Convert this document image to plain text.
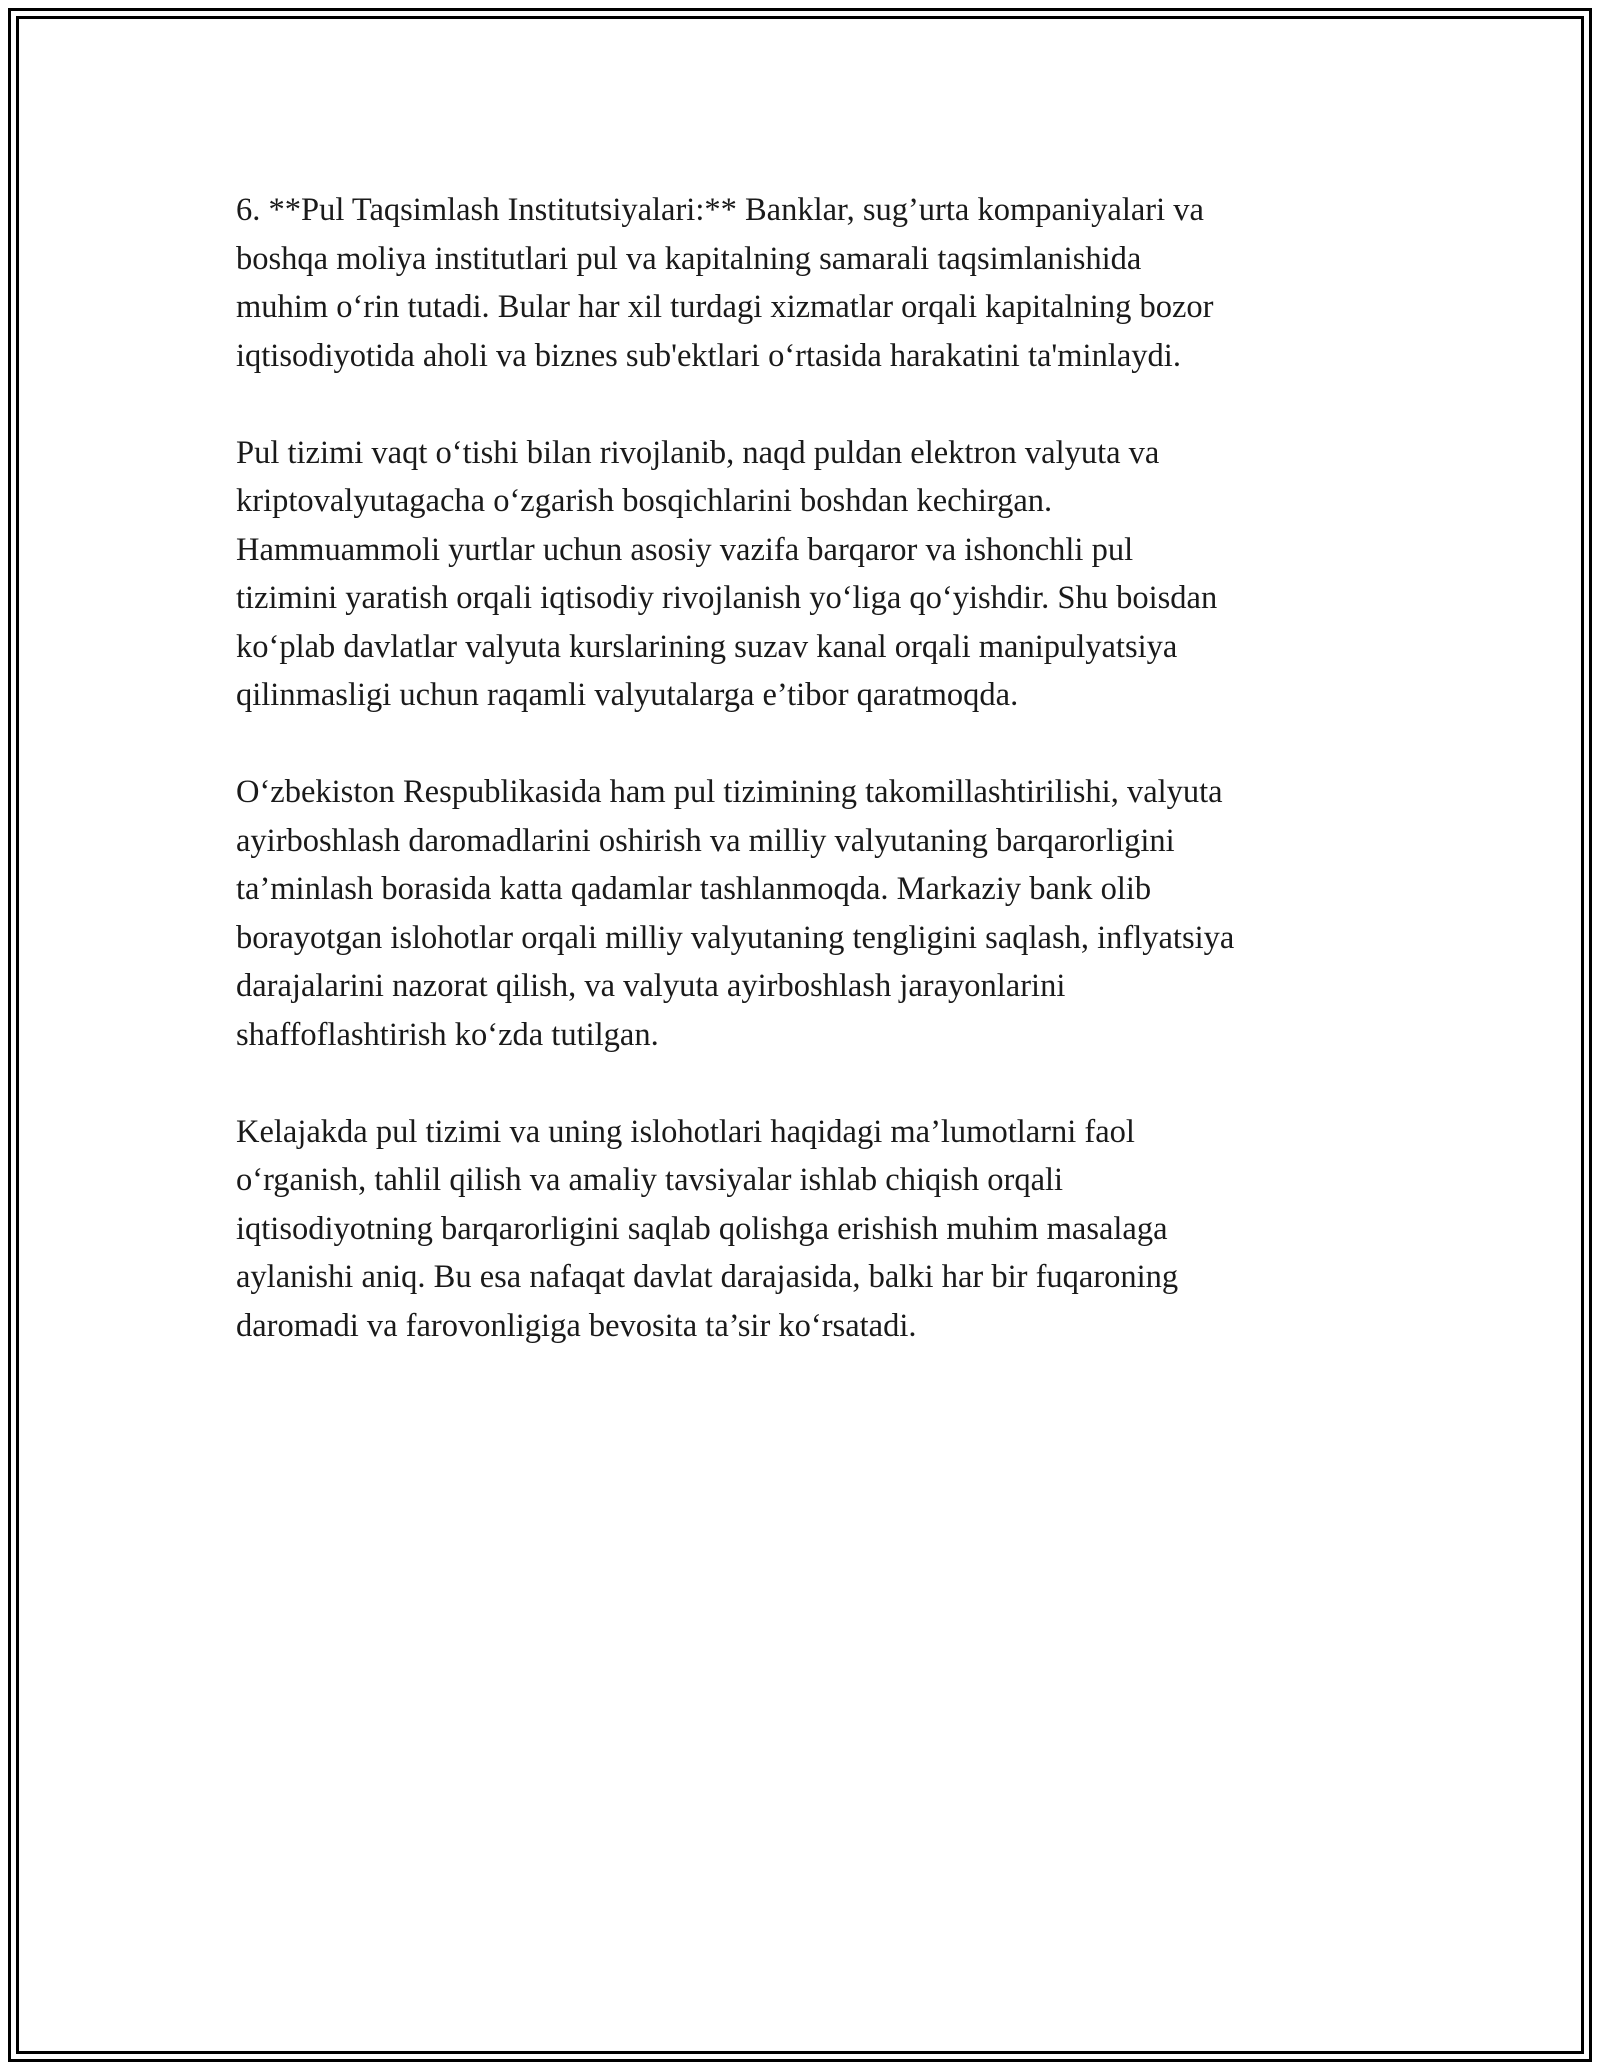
6. **Pul Taqsimlash Institutsiyalari:** Banklar, sug’urta kompaniyalari va
boshqa moliya institutlari pul va kapitalning samarali taqsimlanishida
muhim oʻrin tutadi. Bular har xil turdagi xizmatlar orqali kapitalning bozor
iqtisodiyotida aholi va biznes sub'ektlari oʻrtasida harakatini ta'minlaydi.

Pul tizimi vaqt oʻtishi bilan rivojlanib, naqd puldan elektron valyuta va
kriptovalyutagacha oʻzgarish bosqichlarini boshdan kechirgan.
Hammuammoli yurtlar uchun asosiy vazifa barqaror va ishonchli pul
tizimini yaratish orqali iqtisodiy rivojlanish yoʻliga qoʻyishdir. Shu boisdan
koʻplab davlatlar valyuta kurslarining suzav kanal orqali manipulyatsiya
qilinmasligi uchun raqamli valyutalarga e’tibor qaratmoqda.

Oʻzbekiston Respublikasida ham pul tizimining takomillashtirilishi, valyuta
ayirboshlash daromadlarini oshirish va milliy valyutaning barqarorligini
ta’minlash borasida katta qadamlar tashlanmoqda. Markaziy bank olib
borayotgan islohotlar orqali milliy valyutaning tengligini saqlash, inflyatsiya
darajalarini nazorat qilish, va valyuta ayirboshlash jarayonlarini
shaffoflashtirish koʻzda tutilgan.

Kelajakda pul tizimi va uning islohotlari haqidagi ma’lumotlarni faol
oʻrganish, tahlil qilish va amaliy tavsiyalar ishlab chiqish orqali
iqtisodiyotning barqarorligini saqlab qolishga erishish muhim masalaga
aylanishi aniq. Bu esa nafaqat davlat darajasida, balki har bir fuqaroning
daromadi va farovonligiga bevosita ta’sir koʻrsatadi.
